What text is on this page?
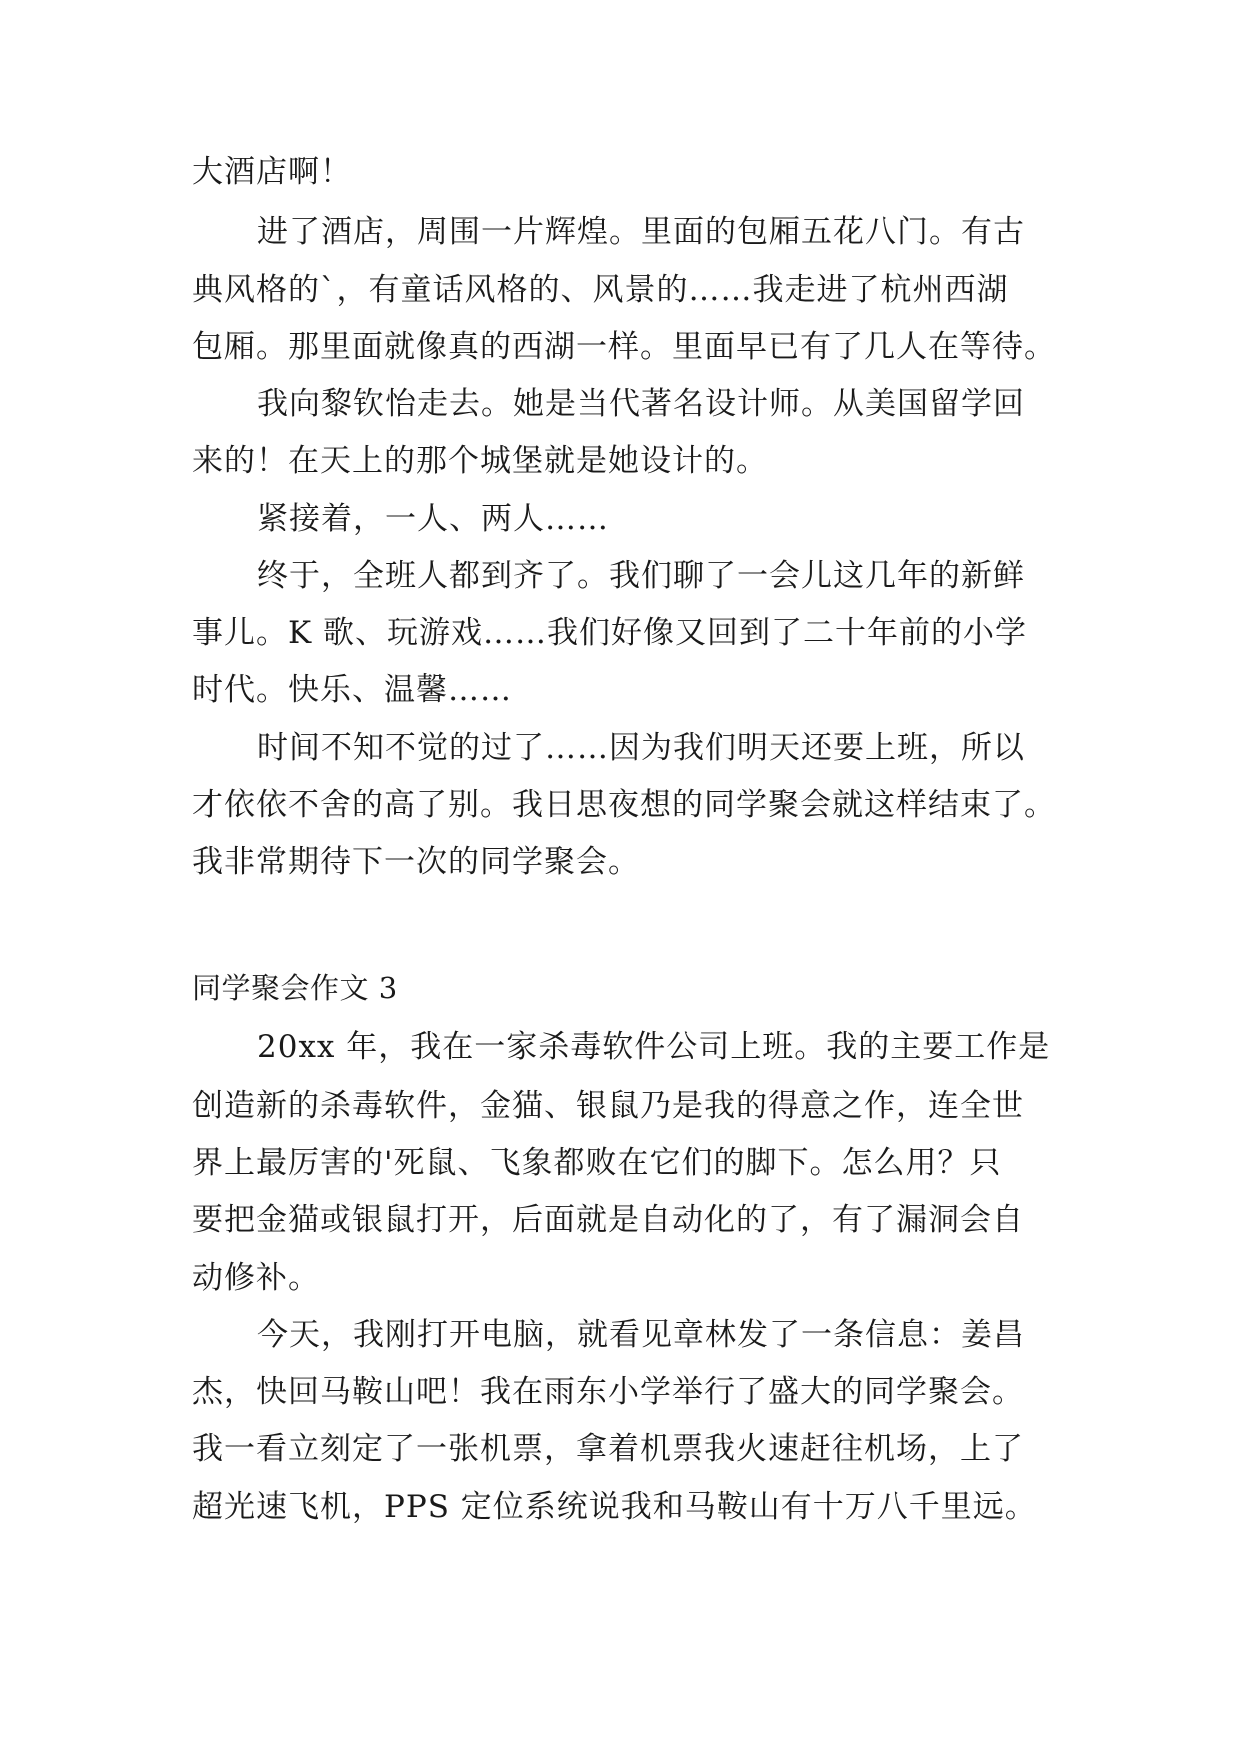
大酒店啊！
进了酒店，周围一片辉煌。里面的包厢五花八门。有古
典风格的`，有童话风格的、风景的……我走进了杭州西湖
包厢。那里面就像真的西湖一样。里面早已有了几人在等待。
我向黎钦怡走去。她是当代著名设计师。从美国留学回
来的！在天上的那个城堡就是她设计的。
紧接着，一人、两人……
终于，全班人都到齐了。我们聊了一会儿这几年的新鲜
事儿。K 歌、玩游戏……我们好像又回到了二十年前的小学
时代。快乐、温馨……
时间不知不觉的过了……因为我们明天还要上班，所以
才依依不舍的高了别。我日思夜想的同学聚会就这样结束了。
我非常期待下一次的同学聚会。
同学聚会作文 3
20xx 年，我在一家杀毒软件公司上班。我的主要工作是
创造新的杀毒软件，金猫、银鼠乃是我的得意之作，连全世
界上最厉害的'死鼠、飞象都败在它们的脚下。怎么用？只
要把金猫或银鼠打开，后面就是自动化的了，有了漏洞会自
动修补。
今天，我刚打开电脑，就看见章林发了一条信息：姜昌
杰，快回马鞍山吧！我在雨东小学举行了盛大的同学聚会。
我一看立刻定了一张机票，拿着机票我火速赶往机场，上了
超光速飞机，PPS 定位系统说我和马鞍山有十万八千里远。
